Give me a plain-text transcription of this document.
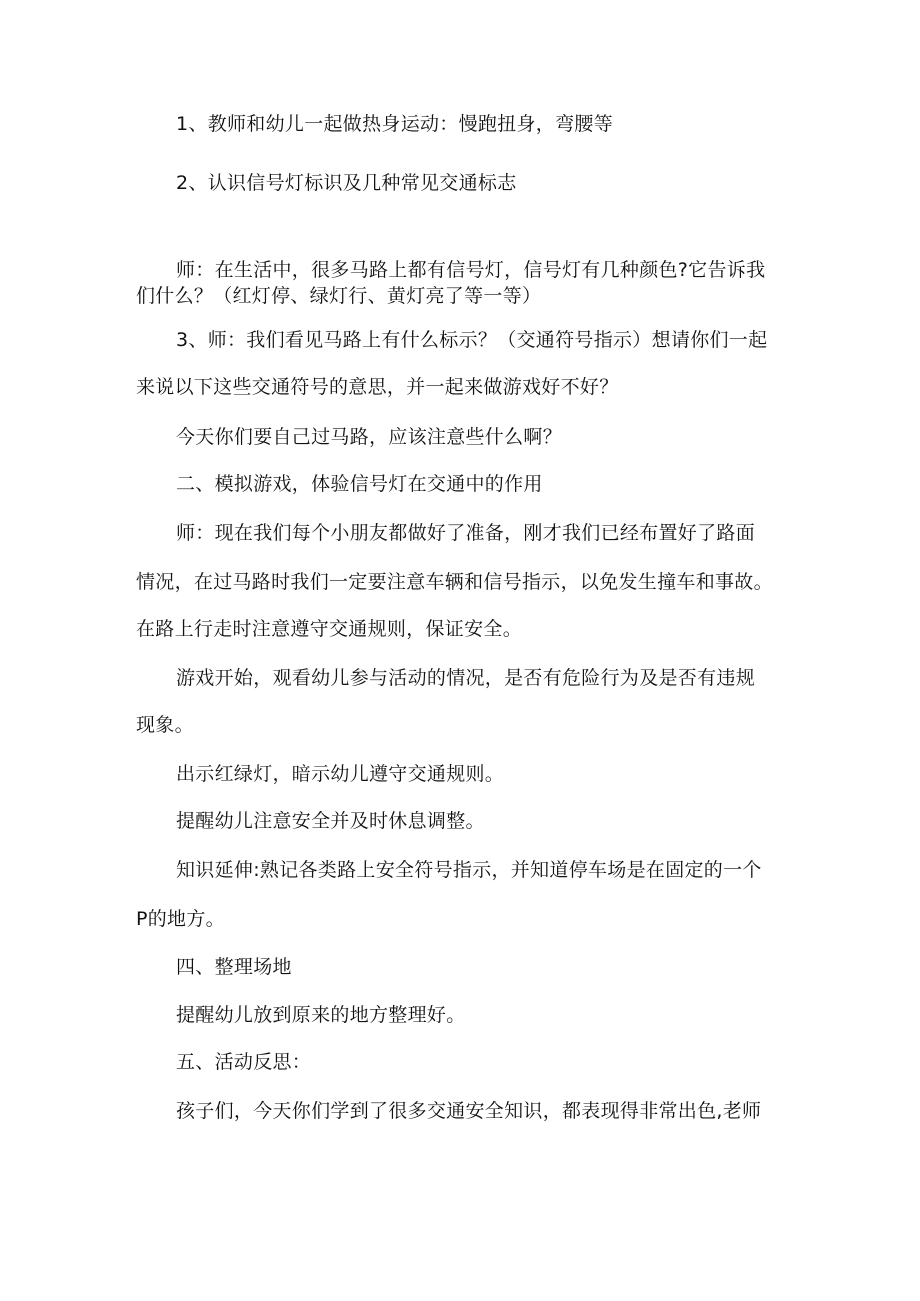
1、教师和幼儿一起做热身运动：慢跑扭身，弯腰等
2、认识信号灯标识及几种常见交通标志
师：在生活中，很多马路上都有信号灯，信号灯有几种颜色?它告诉我
们什么？（红灯停、绿灯行、黄灯亮了等一等）
3、师：我们看见马路上有什么标示？（交通符号指示）想请你们一起
来说以下这些交通符号的意思，并一起来做游戏好不好？
今天你们要自己过马路，应该注意些什么啊？
二、模拟游戏，体验信号灯在交通中的作用
师：现在我们每个小朋友都做好了准备，刚才我们已经布置好了路面
情况，在过马路时我们一定要注意车辆和信号指示，以免发生撞车和事故。
在路上行走时注意遵守交通规则，保证安全。
游戏开始，观看幼儿参与活动的情况，是否有危险行为及是否有违规
现象。
出示红绿灯，暗示幼儿遵守交通规则。
提醒幼儿注意安全并及时休息调整。
知识延伸:熟记各类路上安全符号指示，并知道停车场是在固定的一个
P的地方。
四、整理场地
提醒幼儿放到原来的地方整理好。
五、活动反思：
孩子们，今天你们学到了很多交通安全知识，都表现得非常出色,老师
